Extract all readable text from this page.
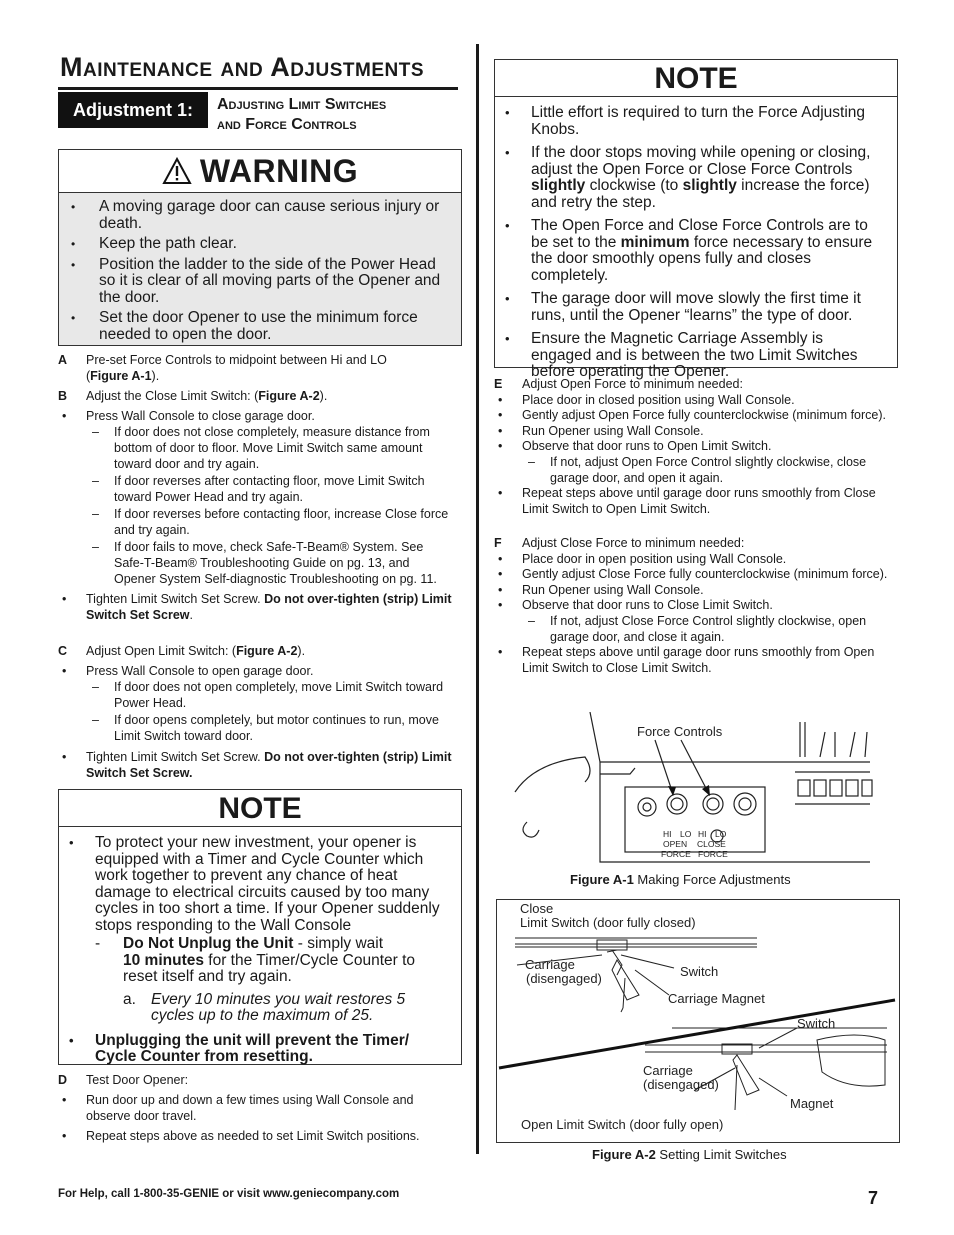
Maintenance and Adjustments
Adjustment 1:	Adjusting Limit Switches
and Force Controls
WARNING
• A moving garage door can cause serious injury or death.
• Keep the path clear.
• Position the ladder to the side of the Power Head so it is clear of all moving parts of the Opener and the door.
• Set the door Opener to use the minimum force needed to open the door.
A Pre-set Force Controls to midpoint between Hi and LO
(Figure A-1).
B Adjust the Close Limit Switch: (Figure A-2).
• Press Wall Console to close garage door.
– If door does not close completely, measure distance from bottom of door to floor. Move Limit Switch same amount toward door and try again.
– If door reverses after contacting floor, move Limit Switch toward Power Head and try again.
– If door reverses before contacting floor, increase Close force and try again.
– If door fails to move, check Safe-T-Beam® System. See Safe-T-Beam® Troubleshooting Guide on pg. 13, and Opener System Self-diagnostic Troubleshooting on pg. 11.
• Tighten Limit Switch Set Screw. Do not over-tighten (strip) Limit Switch Set Screw.
C Adjust Open Limit Switch: (Figure A-2).
• Press Wall Console to open garage door.
– If door does not open completely, move Limit Switch toward Power Head.
– If door opens completely, but motor continues to run, move Limit Switch toward door.
• Tighten Limit Switch Set Screw. Do not over-tighten (strip) Limit Switch Set Screw.
NOTE
• To protect your new investment, your opener is equipped with a Timer and Cycle Counter which work together to prevent any chance of heat damage to electrical circuits caused by too many cycles in too short a time. If your Opener suddenly stops responding to the Wall Console
- Do Not Unplug the Unit - simply wait
10 minutes for the Timer/Cycle Counter to reset itself and try again.
a. Every 10 minutes you wait restores 5 cycles up to the maximum of 25.
• Unplugging the unit will prevent the Timer/ Cycle Counter from resetting.
D Test Door Opener:
• Run door up and down a few times using Wall Console and observe door travel.
• Repeat steps above as needed to set Limit Switch positions.
NOTE
• Little effort is required to turn the Force Adjusting Knobs.
• If the door stops moving while opening or closing, adjust the Open Force or Close Force Controls slightly clockwise (to slightly increase the force) and retry the step.
• The Open Force and Close Force Controls are to be set to the minimum force necessary to ensure the door smoothly opens fully and closes completely.
• The garage door will move slowly the first time it runs, until the Opener “learns” the type of door.
• Ensure the Magnetic Carriage Assembly is engaged and is between the two Limit Switches before operating the Opener.
E Adjust Open Force to minimum needed:
• Place door in closed position using Wall Console.
• Gently adjust Open Force fully counterclockwise (minimum force).
• Run Opener using Wall Console.
• Observe that door runs to Open Limit Switch.
– If not, adjust Open Force Control slightly clockwise, close garage door, and open it again.
• Repeat steps above until garage door runs smoothly from Close Limit Switch to Open Limit Switch.
F Adjust Close Force to minimum needed:
• Place door in open position using Wall Console.
• Gently adjust Close Force fully counterclockwise (minimum force).
• Run Opener using Wall Console.
• Observe that door runs to Close Limit Switch.
– If not, adjust Close Force Control slightly clockwise, open garage door, and close it again.
• Repeat steps above until garage door runs smoothly from Open Limit Switch to Close Limit Switch.
Force Controls
HI LO HI LO
OPEN
FORCE
CLOSE
FORCE
Figure A-1 Making Force Adjustments
Close
Limit Switch (door fully closed)
Carriage
(disengaged)	Switch
Carriage Magnet
Switch
Carriage
(disengaged)
Magnet
Open Limit Switch (door fully open)
Figure A-2 Setting Limit Switches
For Help, call 1-800-35-GENIE or visit www.geniecompany.com	7
